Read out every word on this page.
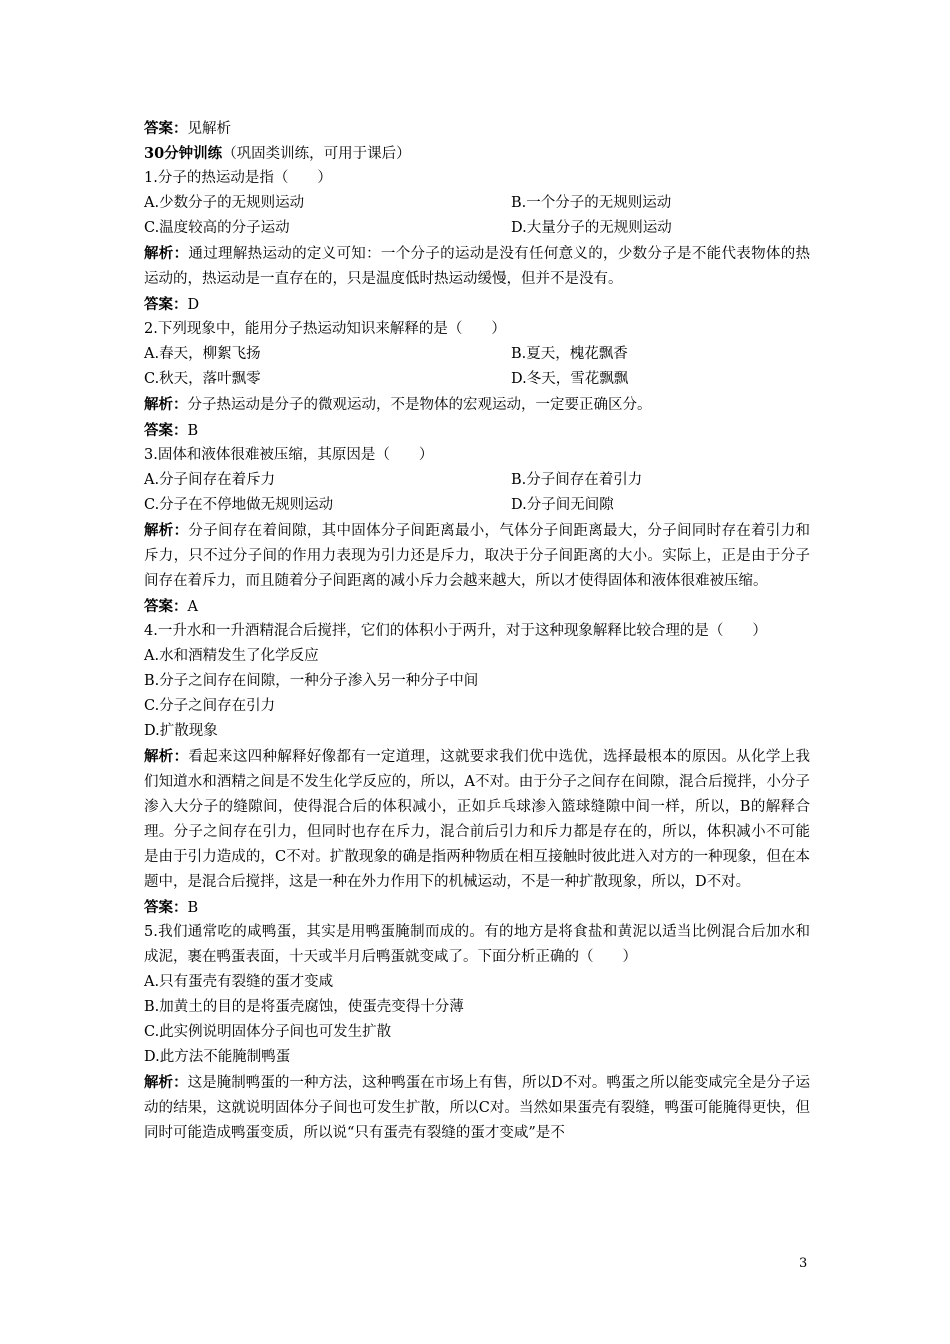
答案：见解析
30分钟训练（巩固类训练，可用于课后）
1.分子的热运动是指（　　）
A.少数分子的无规则运动	B.一个分子的无规则运动
C.温度较高的分子运动	D.大量分子的无规则运动
解析：通过理解热运动的定义可知：一个分子的运动是没有任何意义的，少数分子是不能代表物体的热运动的，热运动是一直存在的，只是温度低时热运动缓慢，但并不是没有。
答案：D
2.下列现象中，能用分子热运动知识来解释的是（　　）
A.春天，柳絮飞扬	B.夏天，槐花飘香
C.秋天，落叶飘零	D.冬天，雪花飘飘
解析：分子热运动是分子的微观运动，不是物体的宏观运动，一定要正确区分。
答案：B
3.固体和液体很难被压缩，其原因是（　　）
A.分子间存在着斥力	B.分子间存在着引力
C.分子在不停地做无规则运动	D.分子间无间隙
解析：分子间存在着间隙，其中固体分子间距离最小，气体分子间距离最大，分子间同时存在着引力和斥力，只不过分子间的作用力表现为引力还是斥力，取决于分子间距离的大小。实际上，正是由于分子间存在着斥力，而且随着分子间距离的减小斥力会越来越大，所以才使得固体和液体很难被压缩。
答案：A
4.一升水和一升酒精混合后搅拌，它们的体积小于两升，对于这种现象解释比较合理的是（　　）
A.水和酒精发生了化学反应
B.分子之间存在间隙，一种分子渗入另一种分子中间
C.分子之间存在引力
D.扩散现象
解析：看起来这四种解释好像都有一定道理，这就要求我们优中选优，选择最根本的原因。从化学上我们知道水和酒精之间是不发生化学反应的，所以，A不对。由于分子之间存在间隙，混合后搅拌，小分子渗入大分子的缝隙间，使得混合后的体积减小，正如乒乓球渗入篮球缝隙中间一样，所以，B的解释合理。分子之间存在引力，但同时也存在斥力，混合前后引力和斥力都是存在的，所以，体积减小不可能是由于引力造成的，C不对。扩散现象的确是指两种物质在相互接触时彼此进入对方的一种现象，但在本题中，是混合后搅拌，这是一种在外力作用下的机械运动，不是一种扩散现象，所以，D不对。
答案：B
5.我们通常吃的咸鸭蛋，其实是用鸭蛋腌制而成的。有的地方是将食盐和黄泥以适当比例混合后加水和成泥，裹在鸭蛋表面，十天或半月后鸭蛋就变咸了。下面分析正确的（　　）
A.只有蛋壳有裂缝的蛋才变咸
B.加黄土的目的是将蛋壳腐蚀，使蛋壳变得十分薄
C.此实例说明固体分子间也可发生扩散
D.此方法不能腌制鸭蛋
解析：这是腌制鸭蛋的一种方法，这种鸭蛋在市场上有售，所以D不对。鸭蛋之所以能变咸完全是分子运动的结果，这就说明固体分子间也可发生扩散，所以C对。当然如果蛋壳有裂缝，鸭蛋可能腌得更快，但同时可能造成鸭蛋变质，所以说“只有蛋壳有裂缝的蛋才变咸”是不
3
